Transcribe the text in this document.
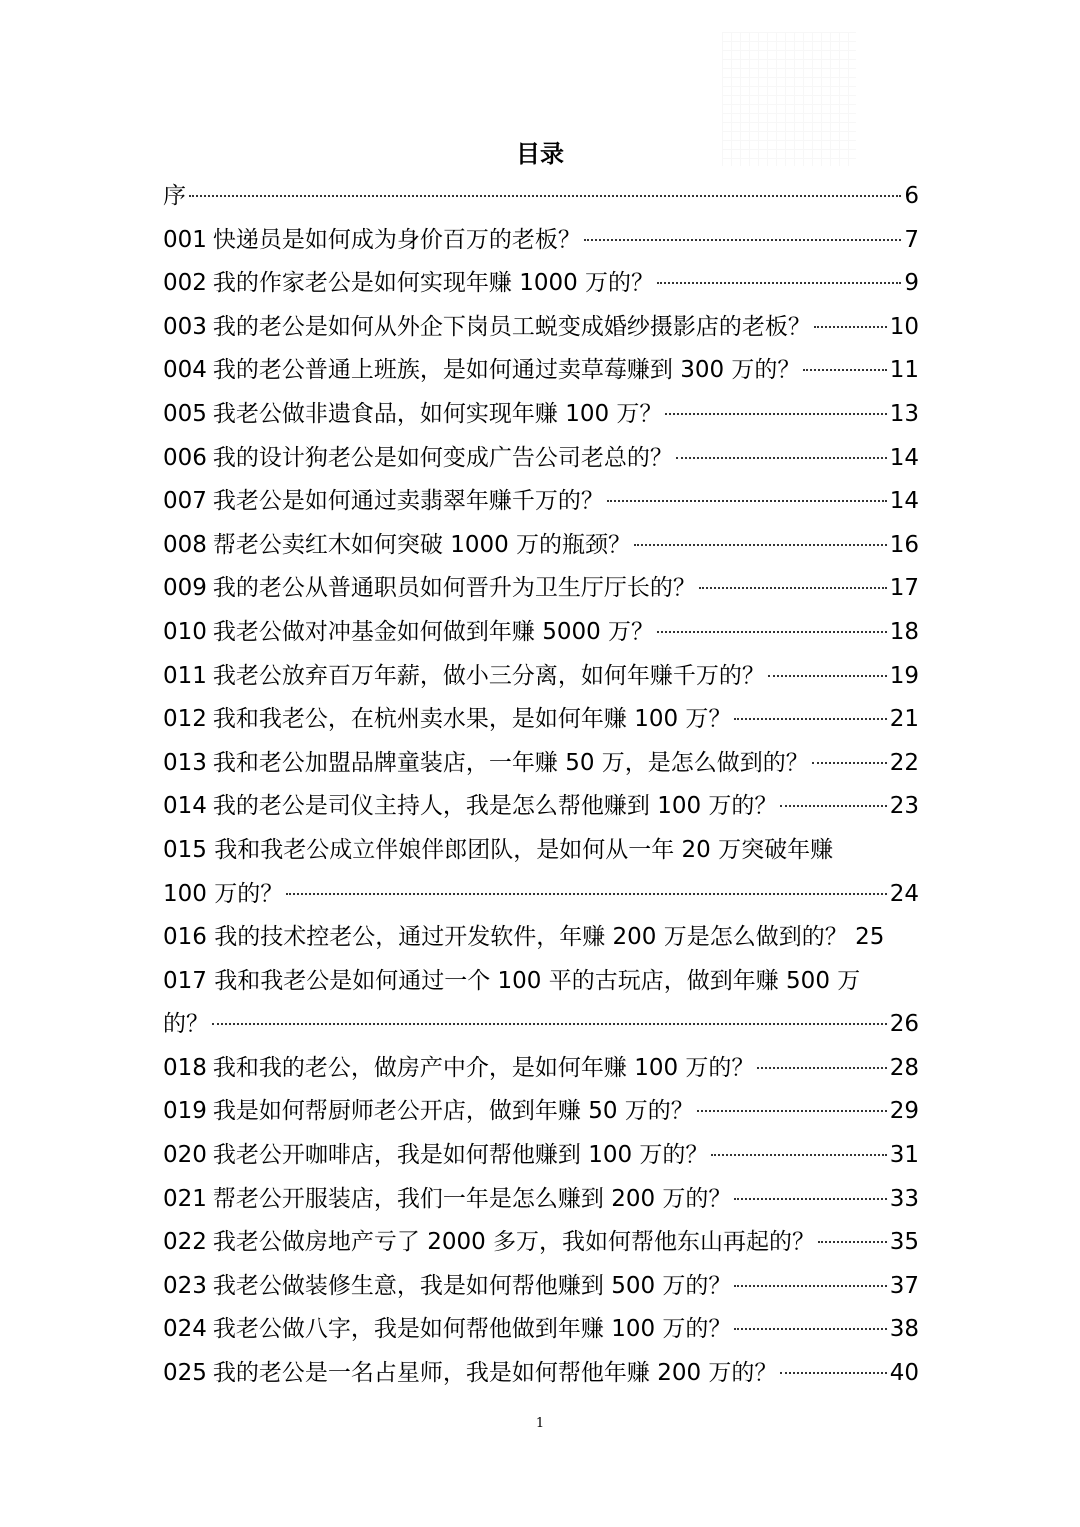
目录
序	6
001 快递员是如何成为身价百万的老板？	7
002 我的作家老公是如何实现年赚 1000 万的？	9
003 我的老公是如何从外企下岗员工蜕变成婚纱摄影店的老板？	10
004 我的老公普通上班族，是如何通过卖草莓赚到 300 万的？	11
005 我老公做非遗食品，如何实现年赚 100 万？	13
006 我的设计狗老公是如何变成广告公司老总的？	14
007 我老公是如何通过卖翡翠年赚千万的？	14
008 帮老公卖红木如何突破 1000 万的瓶颈？	16
009 我的老公从普通职员如何晋升为卫生厅厅长的？	17
010 我老公做对冲基金如何做到年赚 5000 万？	18
011 我老公放弃百万年薪，做小三分离，如何年赚千万的？	19
012 我和我老公，在杭州卖水果，是如何年赚 100 万？	21
013 我和老公加盟品牌童装店，一年赚 50 万，是怎么做到的？	22
014 我的老公是司仪主持人，我是怎么帮他赚到 100 万的？	23
015 我和我老公成立伴娘伴郎团队，是如何从一年 20 万突破年赚
100 万的？	24
016 我的技术控老公，通过开发软件，年赚 200 万是怎么做到的？ 25
017 我和我老公是如何通过一个 100 平的古玩店，做到年赚 500 万
的？	26
018 我和我的老公，做房产中介，是如何年赚 100 万的？	28
019 我是如何帮厨师老公开店，做到年赚 50 万的？	29
020 我老公开咖啡店，我是如何帮他赚到 100 万的？	31
021 帮老公开服装店，我们一年是怎么赚到 200 万的？	33
022 我老公做房地产亏了 2000 多万，我如何帮他东山再起的？	35
023 我老公做装修生意，我是如何帮他赚到 500 万的？	37
024 我老公做八字，我是如何帮他做到年赚 100 万的？	38
025 我的老公是一名占星师，我是如何帮他年赚 200 万的？	40
1
